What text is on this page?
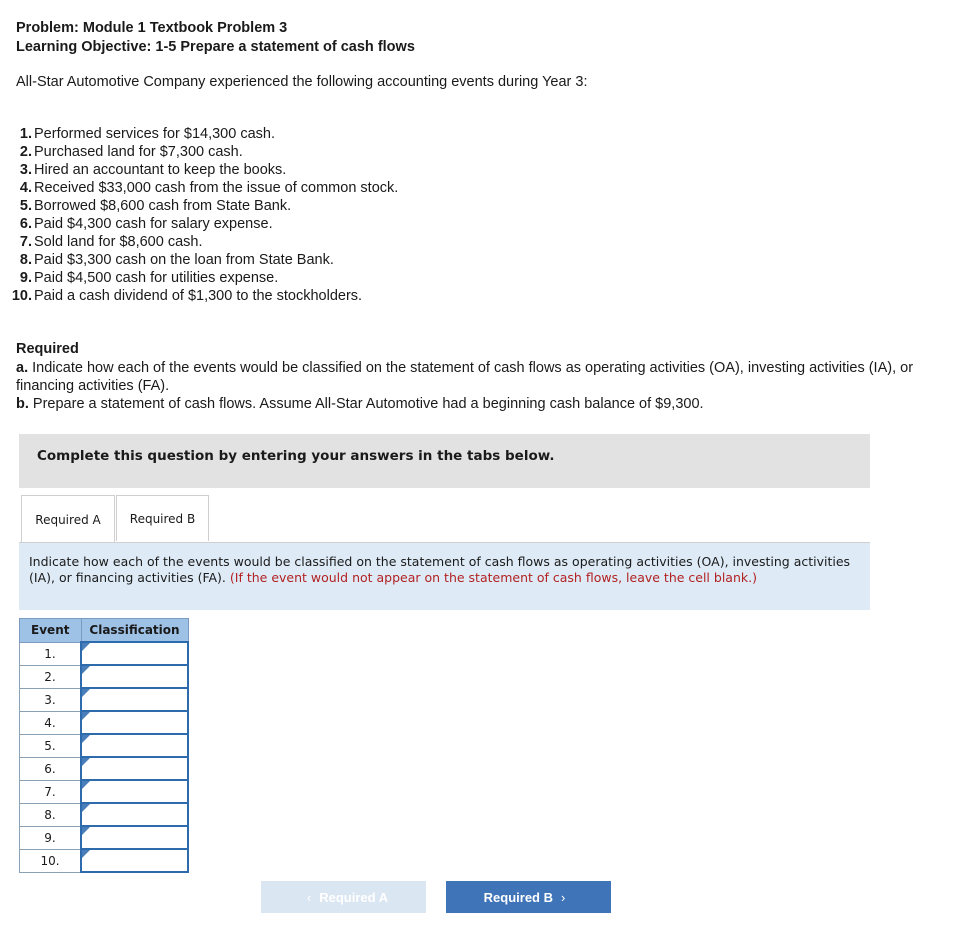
Problem: Module 1 Textbook Problem 3
Learning Objective: 1-5 Prepare a statement of cash flows
All-Star Automotive Company experienced the following accounting events during Year 3:
1. Performed services for $14,300 cash.
2. Purchased land for $7,300 cash.
3. Hired an accountant to keep the books.
4. Received $33,000 cash from the issue of common stock.
5. Borrowed $8,600 cash from State Bank.
6. Paid $4,300 cash for salary expense.
7. Sold land for $8,600 cash.
8. Paid $3,300 cash on the loan from State Bank.
9. Paid $4,500 cash for utilities expense.
10. Paid a cash dividend of $1,300 to the stockholders.
Required
a. Indicate how each of the events would be classified on the statement of cash flows as operating activities (OA), investing activities (IA), or financing activities (FA).
b. Prepare a statement of cash flows. Assume All-Star Automotive had a beginning cash balance of $9,300.
Complete this question by entering your answers in the tabs below.
Required A	Required B
Indicate how each of the events would be classified on the statement of cash flows as operating activities (OA), investing activities (IA), or financing activities (FA). (If the event would not appear on the statement of cash flows, leave the cell blank.)
Event	Classification
1.	

2.	

3.	

4.	

5.	

6.	

7.	

8.	

9.	

10.	
‹ Required A	Required B ›
